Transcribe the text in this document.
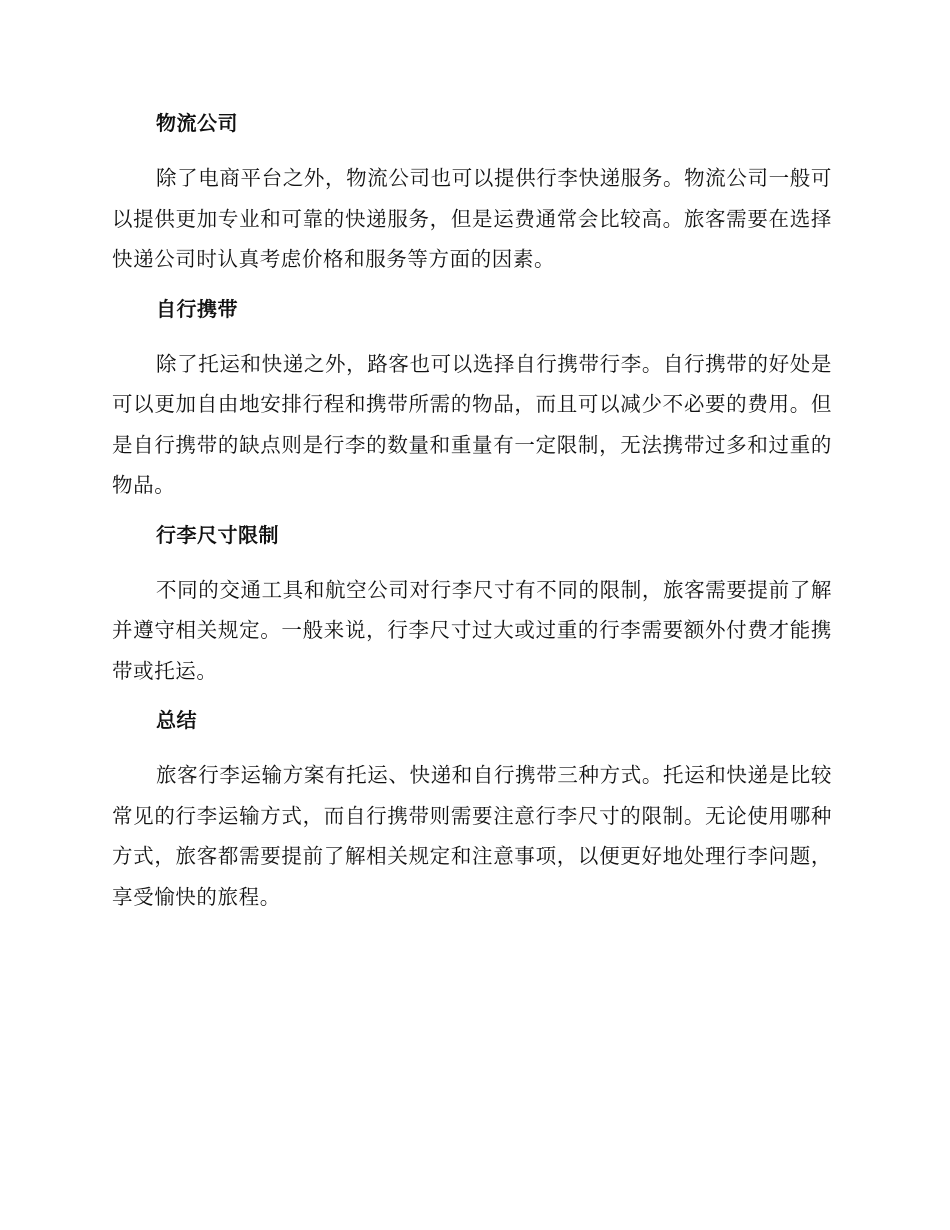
物流公司

除了电商平台之外，物流公司也可以提供行李快递服务。物流公司一般可以提供更加专业和可靠的快递服务，但是运费通常会比较高。旅客需要在选择快递公司时认真考虑价格和服务等方面的因素。

自行携带

除了托运和快递之外，路客也可以选择自行携带行李。自行携带的好处是可以更加自由地安排行程和携带所需的物品，而且可以减少不必要的费用。但是自行携带的缺点则是行李的数量和重量有一定限制，无法携带过多和过重的物品。

行李尺寸限制

不同的交通工具和航空公司对行李尺寸有不同的限制，旅客需要提前了解并遵守相关规定。一般来说，行李尺寸过大或过重的行李需要额外付费才能携带或托运。

总结

旅客行李运输方案有托运、快递和自行携带三种方式。托运和快递是比较常见的行李运输方式，而自行携带则需要注意行李尺寸的限制。无论使用哪种方式，旅客都需要提前了解相关规定和注意事项，以便更好地处理行李问题，享受愉快的旅程。
